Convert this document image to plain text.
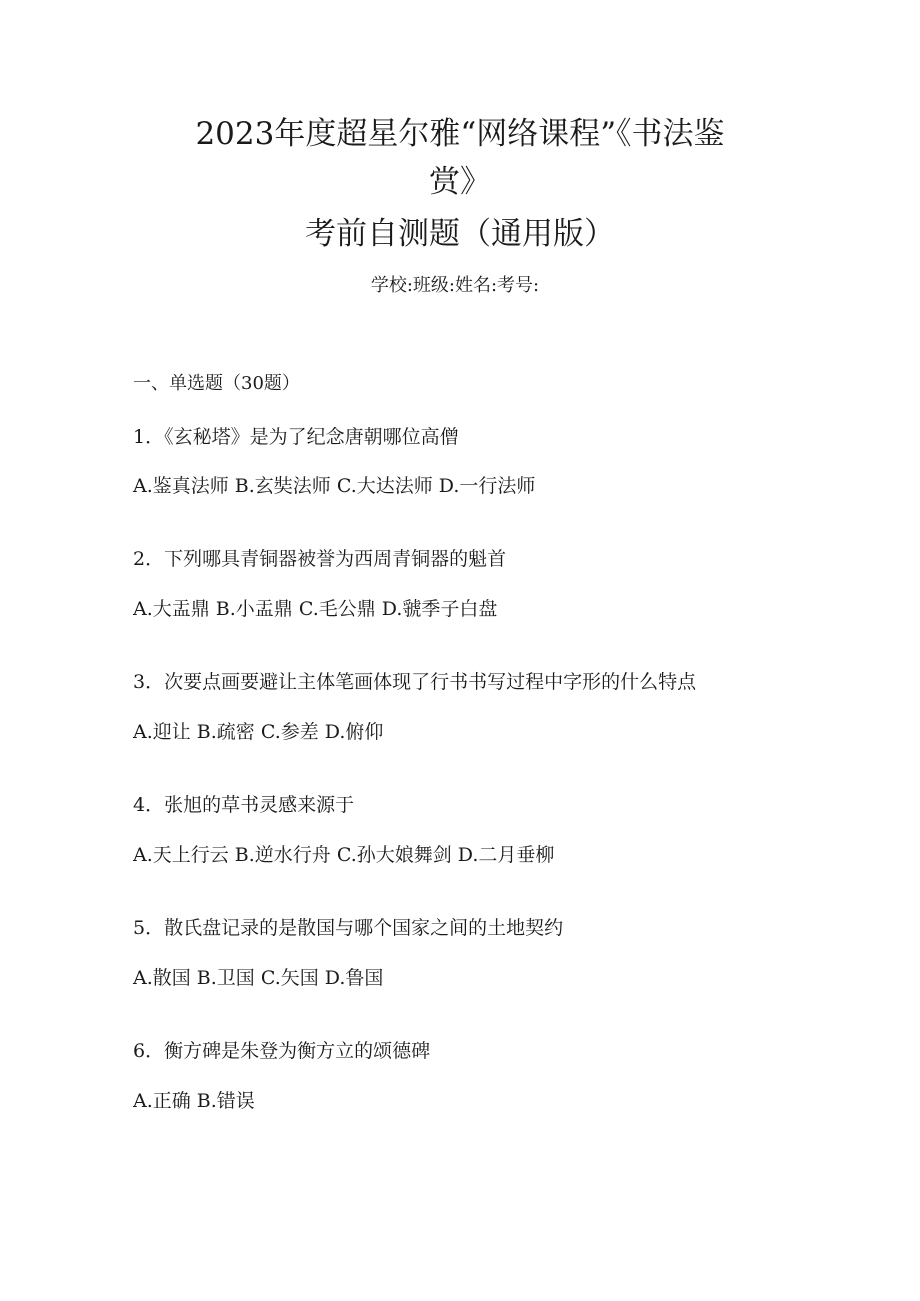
2023年度超星尔雅“网络课程”《书法鉴
赏》
考前自测题（通用版）
学校:班级:姓名:考号:
一、单选题（30题）
1．《玄秘塔》是为了纪念唐朝哪位高僧
A.鉴真法师 B.玄奘法师 C.大达法师 D.一行法师
2．下列哪具青铜器被誉为西周青铜器的魁首
A.大盂鼎 B.小盂鼎 C.毛公鼎 D.虢季子白盘
3．次要点画要避让主体笔画体现了行书书写过程中字形的什么特点
A.迎让 B.疏密 C.参差 D.俯仰
4．张旭的草书灵感来源于
A.天上行云 B.逆水行舟 C.孙大娘舞剑 D.二月垂柳
5．散氏盘记录的是散国与哪个国家之间的土地契约
A.散国 B.卫国 C.矢国 D.鲁国
6．衡方碑是朱登为衡方立的颂德碑
A.正确 B.错误
